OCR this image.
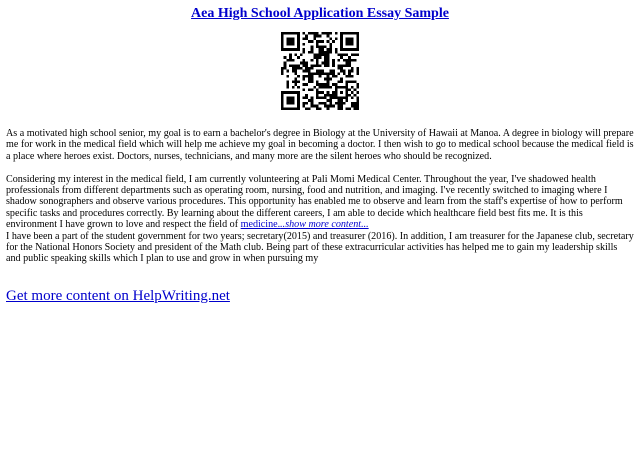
Aea High School Application Essay Sample

As a motivated high school senior, my goal is to earn a bachelor's degree in Biology at the University of Hawaii at Manoa. A degree in biology will prepare me for work in the medical field which will help me achieve my goal in becoming a doctor. I then wish to go to medical school because the medical field is a place where heroes exist. Doctors, nurses, technicians, and many more are the silent heroes who should be recognized.

Considering my interest in the medical field, I am currently volunteering at Pali Momi Medical Center. Throughout the year, I've shadowed health professionals from different departments such as operating room, nursing, food and nutrition, and imaging. I've recently switched to imaging where I shadow sonographers and observe various procedures. This opportunity has enabled me to observe and learn from the staff's expertise of how to perform specific tasks and procedures correctly. By learning about the different careers, I am able to decide which healthcare field best fits me. It is this environment I have grown to love and respect the field of medicine...show more content...

I have been a part of the student government for two years; secretary(2015) and treasurer (2016). In addition, I am treasurer for the Japanese club, secretary for the National Honors Society and president of the Math club. Being part of these extracurricular activities has helped me to gain my leadership skills and public speaking skills which I plan to use and grow in when pursuing my

Get more content on HelpWriting.net
